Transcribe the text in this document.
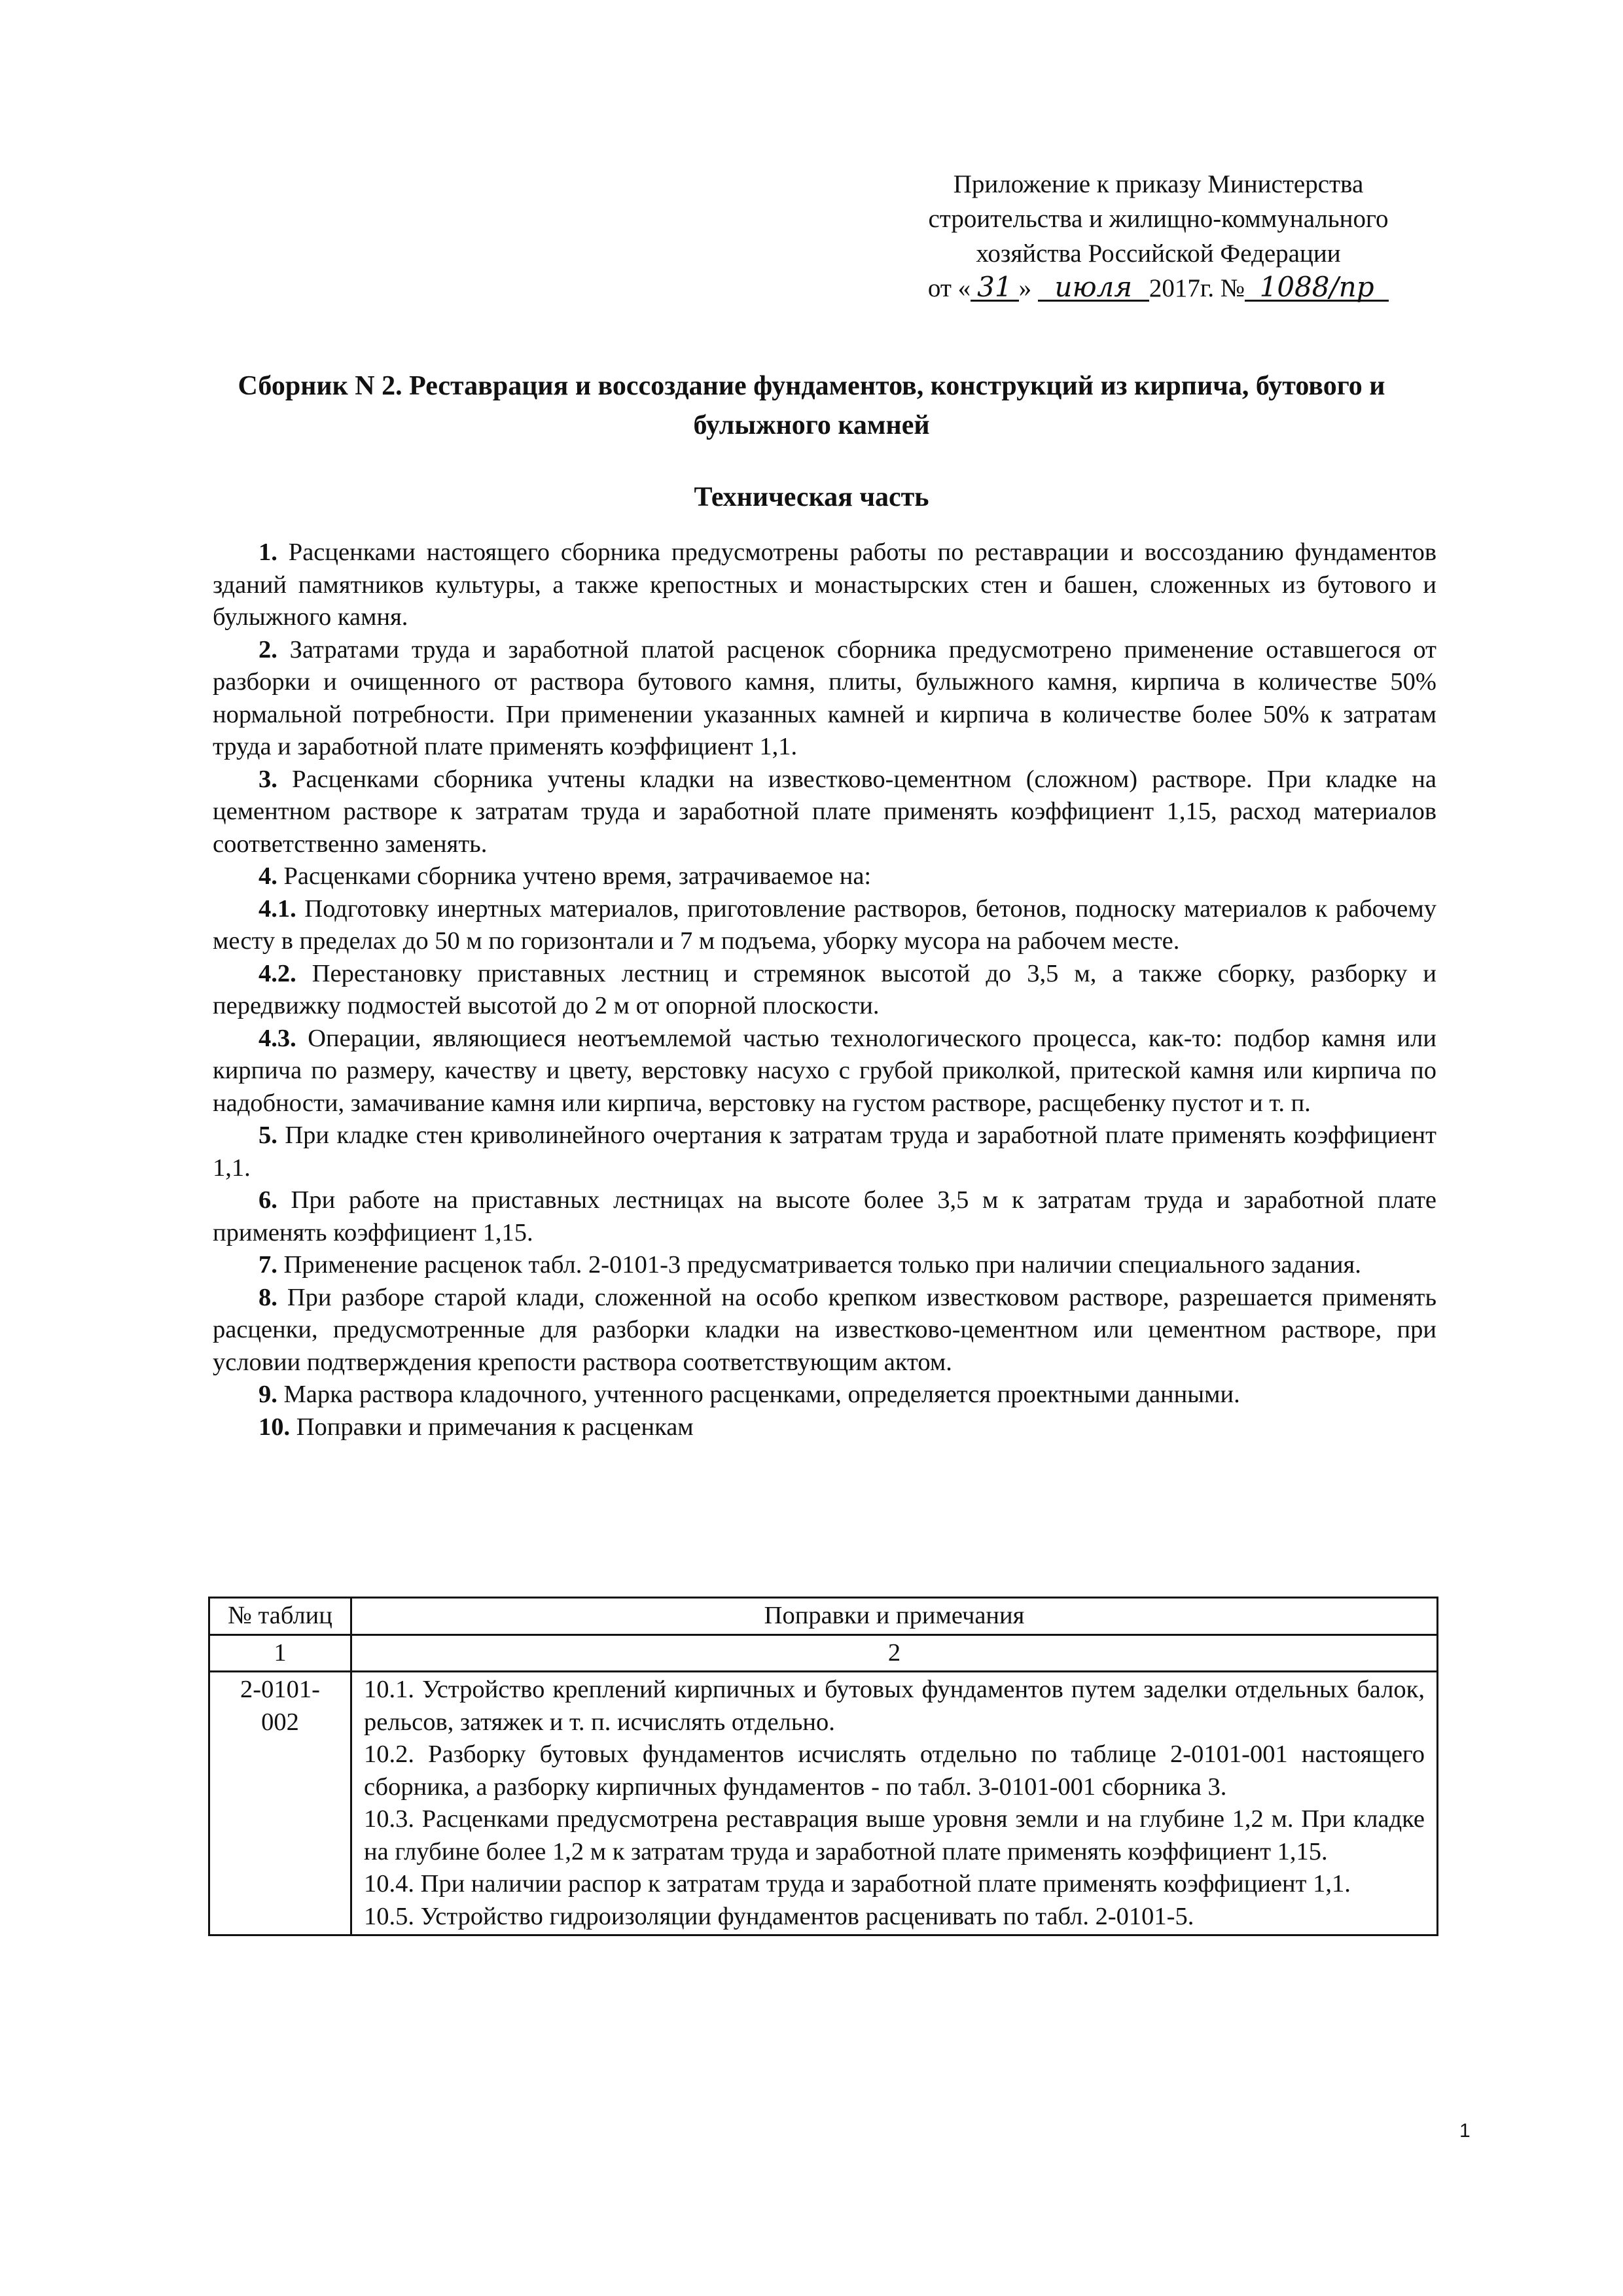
Приложение к приказу Министерства
строительства и жилищно-коммунального
хозяйства Российской Федерации
от « 31 » июля 2017г. № 1088/пр
Сборник N 2. Реставрация и воссоздание фундаментов, конструкций из кирпича, бутового и булыжного камней
Техническая часть

1. Расценками настоящего сборника предусмотрены работы по реставрации и воссозданию фундаментов зданий памятников культуры, а также крепостных и монастырских стен и башен, сложенных из бутового и булыжного камня.

2. Затратами труда и заработной платой расценок сборника предусмотрено применение оставшегося от разборки и очищенного от раствора бутового камня, плиты, булыжного камня, кирпича в количестве 50% нормальной потребности. При применении указанных камней и кирпича в количестве более 50% к затратам труда и заработной плате применять коэффициент 1,1.

3. Расценками сборника учтены кладки на известково-цементном (сложном) растворе. При кладке на цементном растворе к затратам труда и заработной плате применять коэффициент 1,15, расход материалов соответственно заменять.

4. Расценками сборника учтено время, затрачиваемое на:

4.1. Подготовку инертных материалов, приготовление растворов, бетонов, подноску материалов к рабочему месту в пределах до 50 м по горизонтали и 7 м подъема, уборку мусора на рабочем месте.

4.2. Перестановку приставных лестниц и стремянок высотой до 3,5 м, а также сборку, разборку и передвижку подмостей высотой до 2 м от опорной плоскости.

4.3. Операции, являющиеся неотъемлемой частью технологического процесса, как-то: подбор камня или кирпича по размеру, качеству и цвету, верстовку насухо с грубой приколкой, притеской камня или кирпича по надобности, замачивание камня или кирпича, верстовку на густом растворе, расщебенку пустот и т. п.

5. При кладке стен криволинейного очертания к затратам труда и заработной плате применять коэффициент 1,1.

6. При работе на приставных лестницах на высоте более 3,5 м к затратам труда и заработной плате применять коэффициент 1,15.

7. Применение расценок табл. 2-0101-3 предусматривается только при наличии специального задания.

8. При разборе старой клади, сложенной на особо крепком известковом растворе, разрешается применять расценки, предусмотренные для разборки кладки на известково-цементном или цементном растворе, при условии подтверждения крепости раствора соответствующим актом.

9. Марка раствора кладочного, учтенного расценками, определяется проектными данными.

10. Поправки и примечания к расценкам

№ таблиц	Поправки и примечания
1	2
2-0101-002	10.1. Устройство креплений кирпичных и бутовых фундаментов путем заделки отдельных балок, рельсов, затяжек и т. п. исчислять отдельно.
10.2. Разборку бутовых фундаментов исчислять отдельно по таблице 2-0101-001 настоящего сборника, а разборку кирпичных фундаментов - по табл. 3-0101-001 сборника 3.
10.3. Расценками предусмотрена реставрация выше уровня земли и на глубине 1,2 м. При кладке на глубине более 1,2 м к затратам труда и заработной плате применять коэффициент 1,15.
10.4. При наличии распор к затратам труда и заработной плате применять коэффициент 1,1.
10.5. Устройство гидроизоляции фундаментов расценивать по табл. 2-0101-5.
1
